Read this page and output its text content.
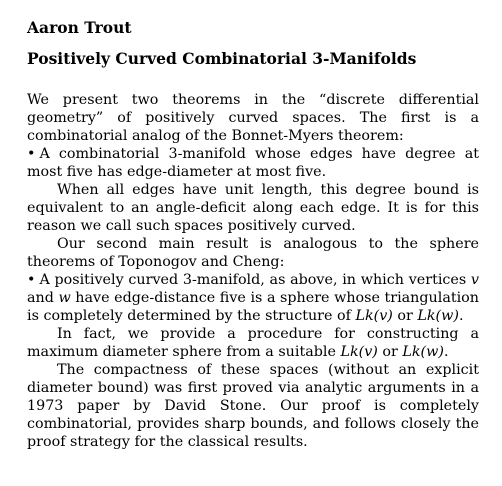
Aaron Trout
Positively Curved Combinatorial 3-Manifolds

We present two theorems in the “discrete differential geometry” of positively curved spaces. The first is a combinatorial analog of the Bonnet-Myers theorem:

• A combinatorial 3-manifold whose edges have degree at most five has edge-diameter at most five.

When all edges have unit length, this degree bound is equivalent to an angle-deficit along each edge. It is for this reason we call such spaces positively curved.

Our second main result is analogous to the sphere theorems of Toponogov and Cheng:

• A positively curved 3-manifold, as above, in which vertices v and w have edge-distance five is a sphere whose triangulation is completely determined by the structure of Lk(v) or Lk(w).

In fact, we provide a procedure for constructing a maximum diameter sphere from a suitable Lk(v) or Lk(w).

The compactness of these spaces (without an explicit diameter bound) was first proved via analytic arguments in a 1973 paper by David Stone. Our proof is completely combinatorial, provides sharp bounds, and follows closely the proof strategy for the classical results.
